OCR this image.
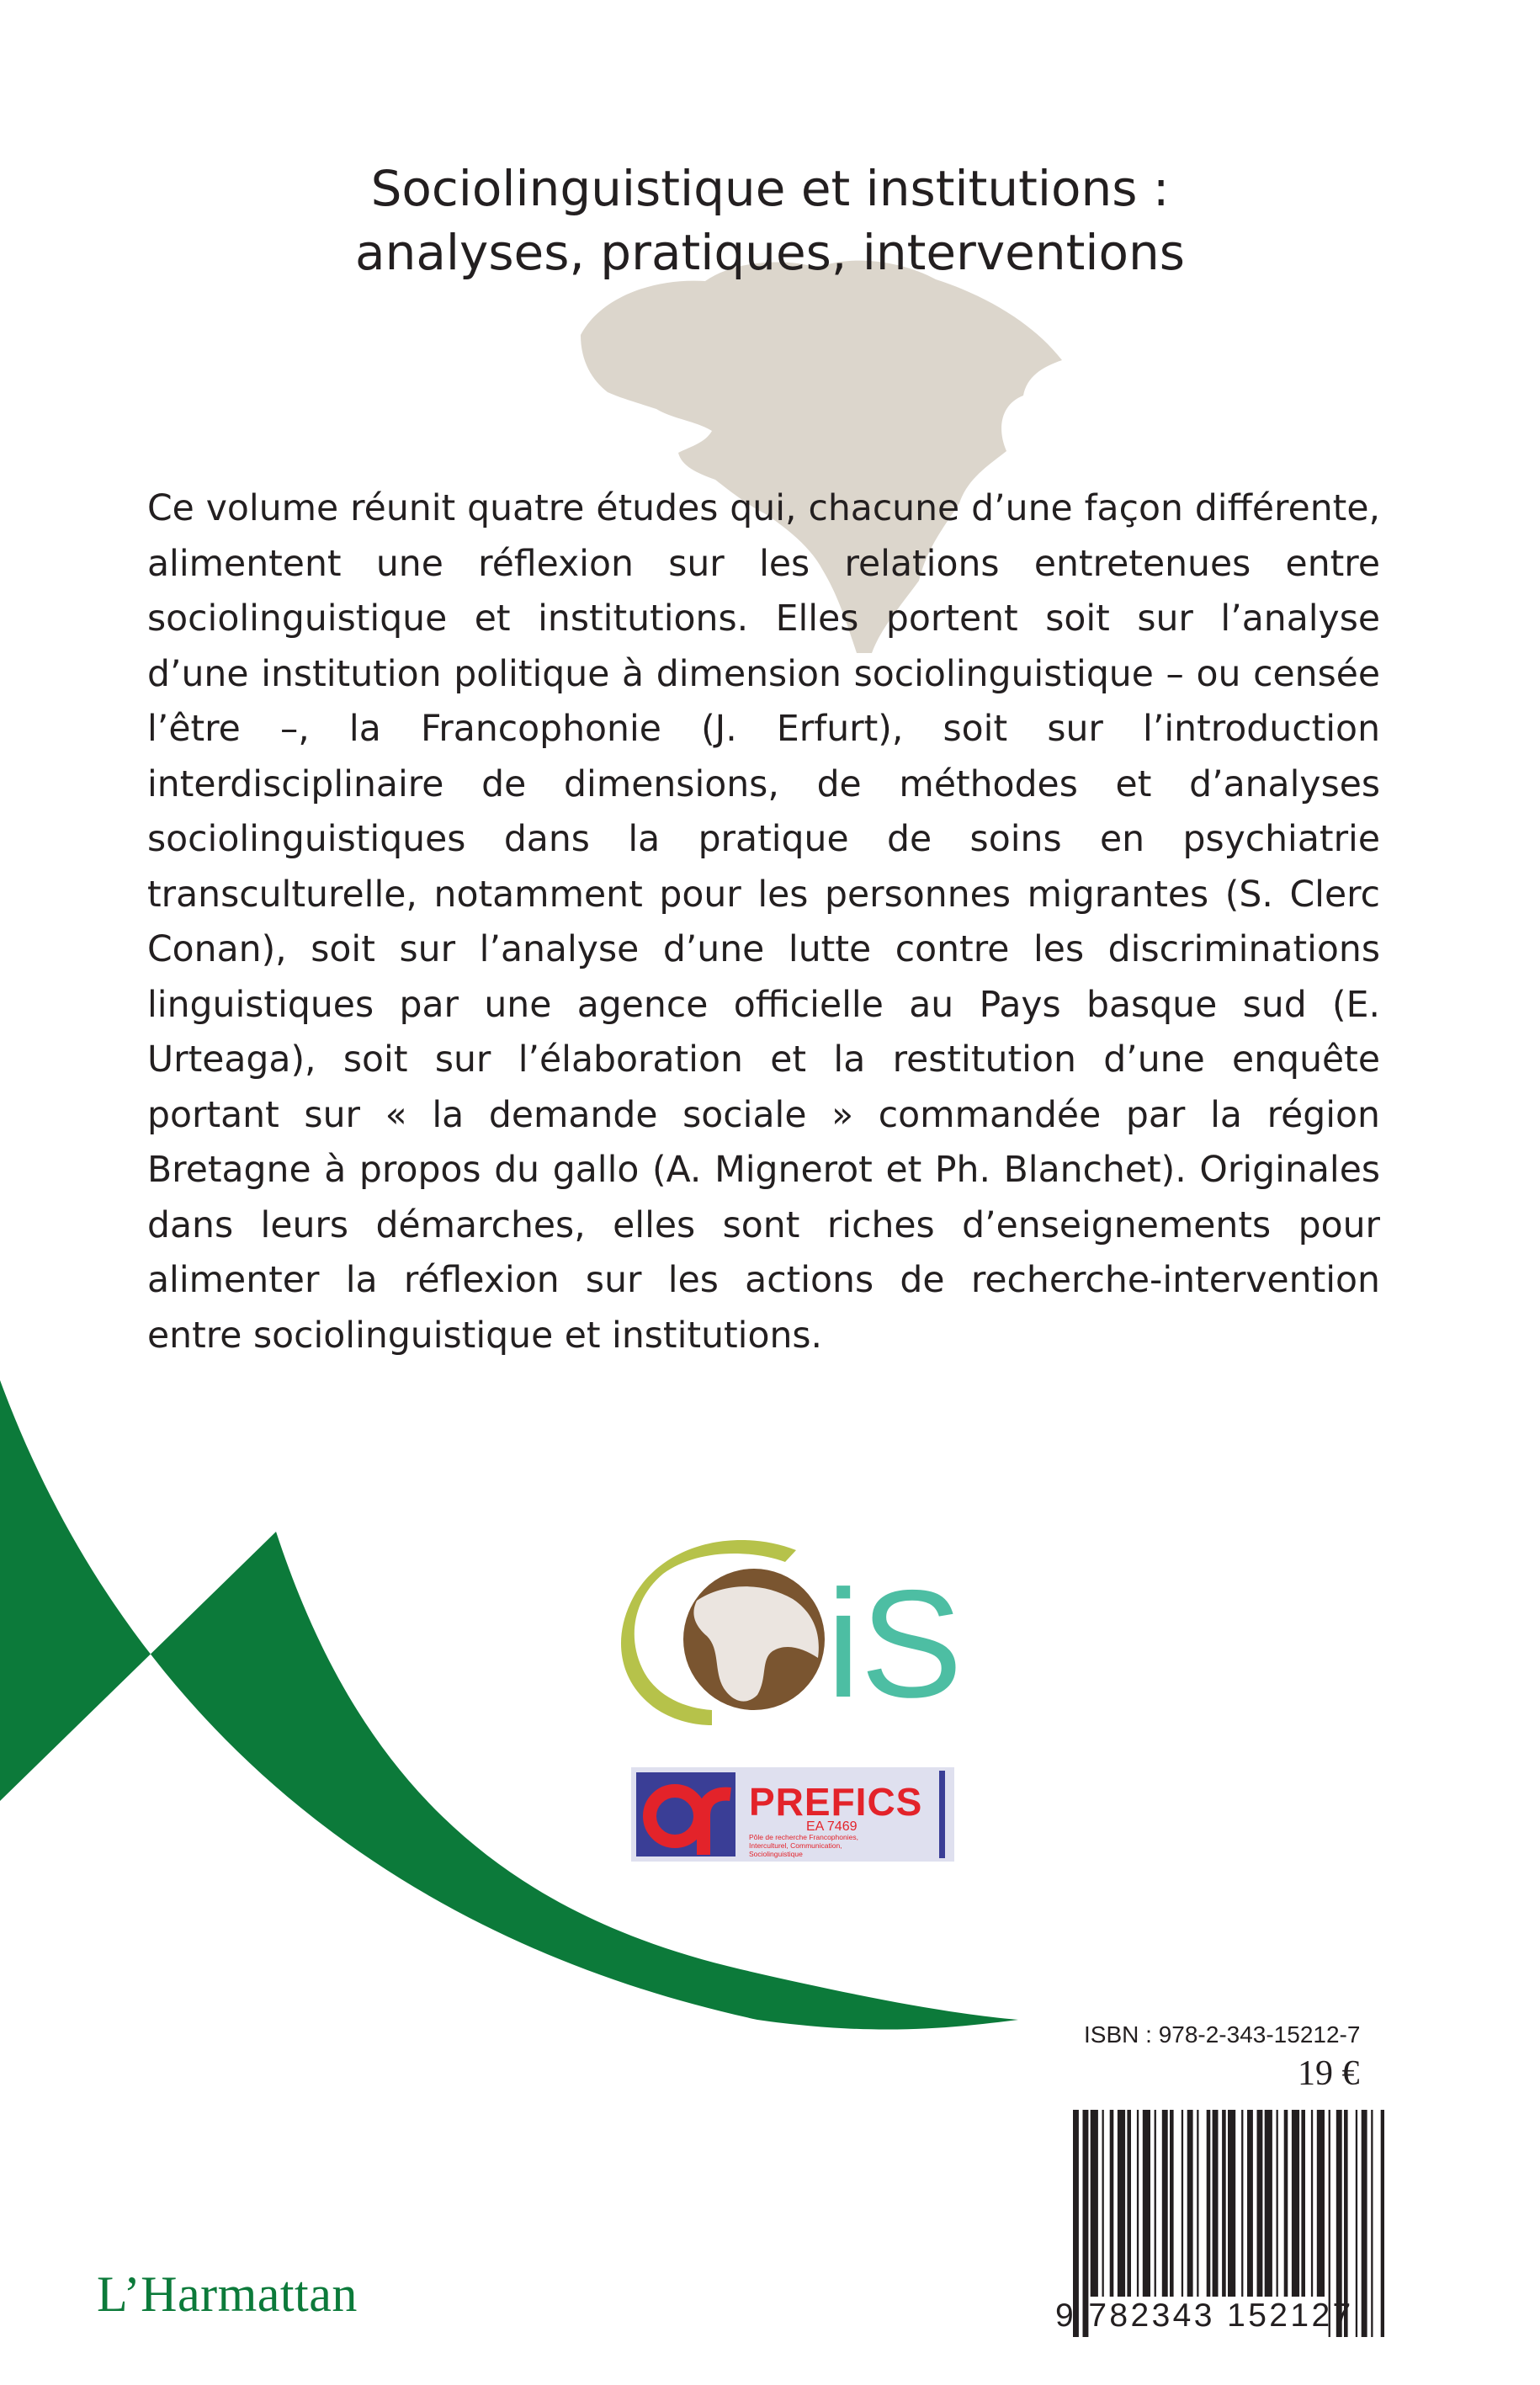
Sociolinguistique et institutions :
analyses, pratiques, interventions
Ce volume réunit quatre études qui, chacune d’une façon différente, alimentent une réflexion sur les relations entretenues entre sociolinguistique et institutions. Elles portent soit sur l’analyse d’une institution politique à dimension sociolinguistique – ou censée l’être –, la Francophonie (J. Erfurt), soit sur l’introduction interdisciplinaire de dimensions, de méthodes et d’analyses sociolinguistiques dans la pratique de soins en psychiatrie transculturelle, notamment pour les personnes migrantes (S. Clerc Conan), soit sur l’analyse d’une lutte contre les discriminations linguistiques par une agence officielle au Pays basque sud (E. Urteaga), soit sur l’élaboration et la restitution d’une enquête portant sur « la demande sociale » commandée par la région Bretagne à propos du gallo (A. Mignerot et Ph. Blanchet). Originales dans leurs démarches, elles sont riches d’enseignements pour alimenter la réflexion sur les actions de recherche-intervention entre sociolinguistique et institutions.
iS
PREFICS
EA 7469
Pôle de recherche Francophonies, Interculturel, Communication, Sociolinguistique
ISBN : 978-2-343-15212-7
19 €
9 782343 152127
L’Harmattan
